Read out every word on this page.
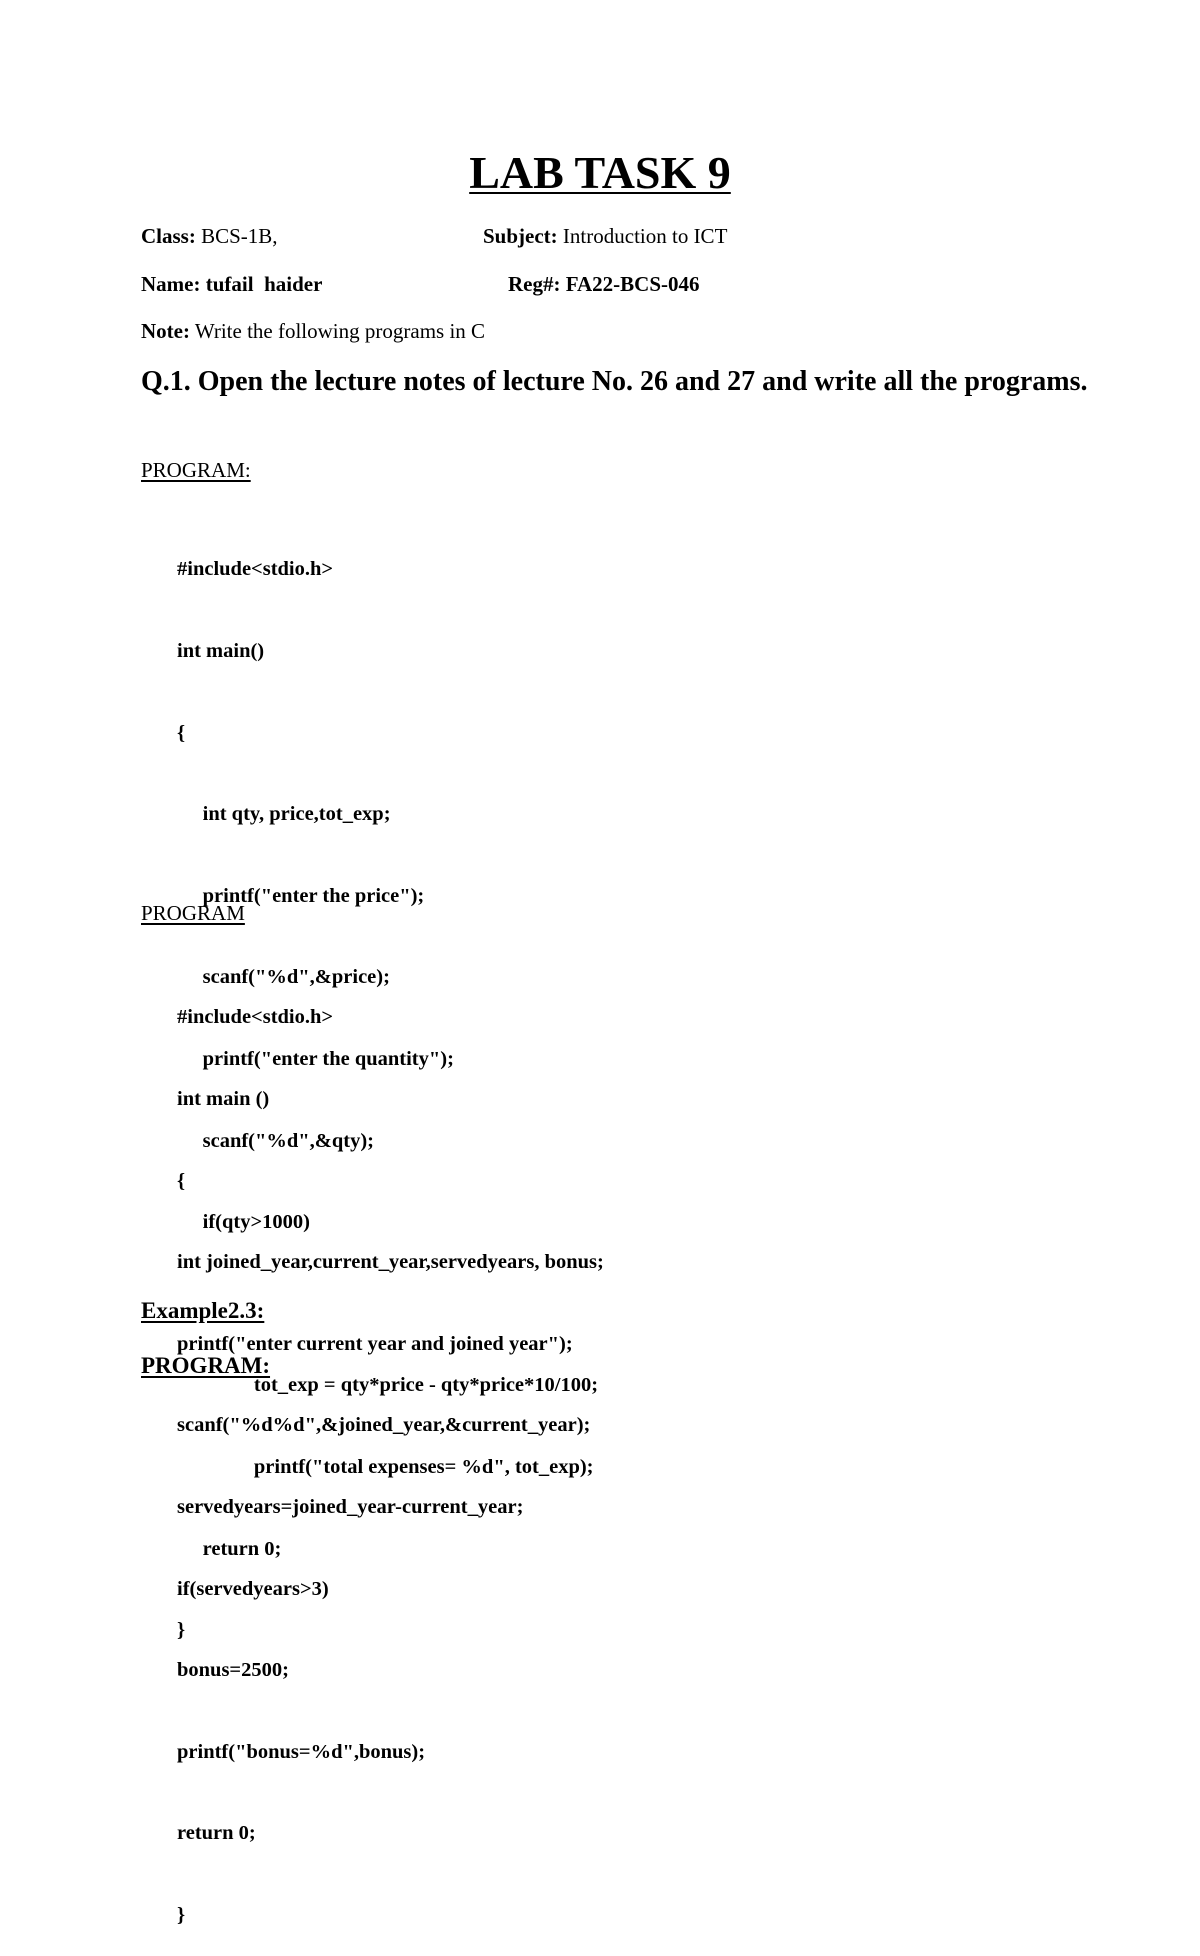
LAB TASK 9
Class: BCS-1B,	Subject: Introduction to ICT
Name: tufail  haider	Reg#: FA22-BCS-046
Note: Write the following programs in C
Q.1. Open the lecture notes of lecture No. 26 and 27 and write all the programs.
PROGRAM:

#include<stdio.h>

int main()

{

int qty, price,tot_exp;

printf("enter the price");

scanf("%d",&price);

printf("enter the quantity");

scanf("%d",&qty);

if(qty>1000)

tot_exp = qty*price - qty*price*10/100;

printf("total expenses= %d", tot_exp);

return 0;

}

PROGRAM

#include<stdio.h>

int main ()

{

int joined_year,current_year,servedyears, bonus;

printf("enter current year and joined year");

scanf("%d%d",&joined_year,&current_year);

servedyears=joined_year-current_year;

if(servedyears>3)

bonus=2500;

printf("bonus=%d",bonus);

return 0;

}

Example2.3:
PROGRAM:
